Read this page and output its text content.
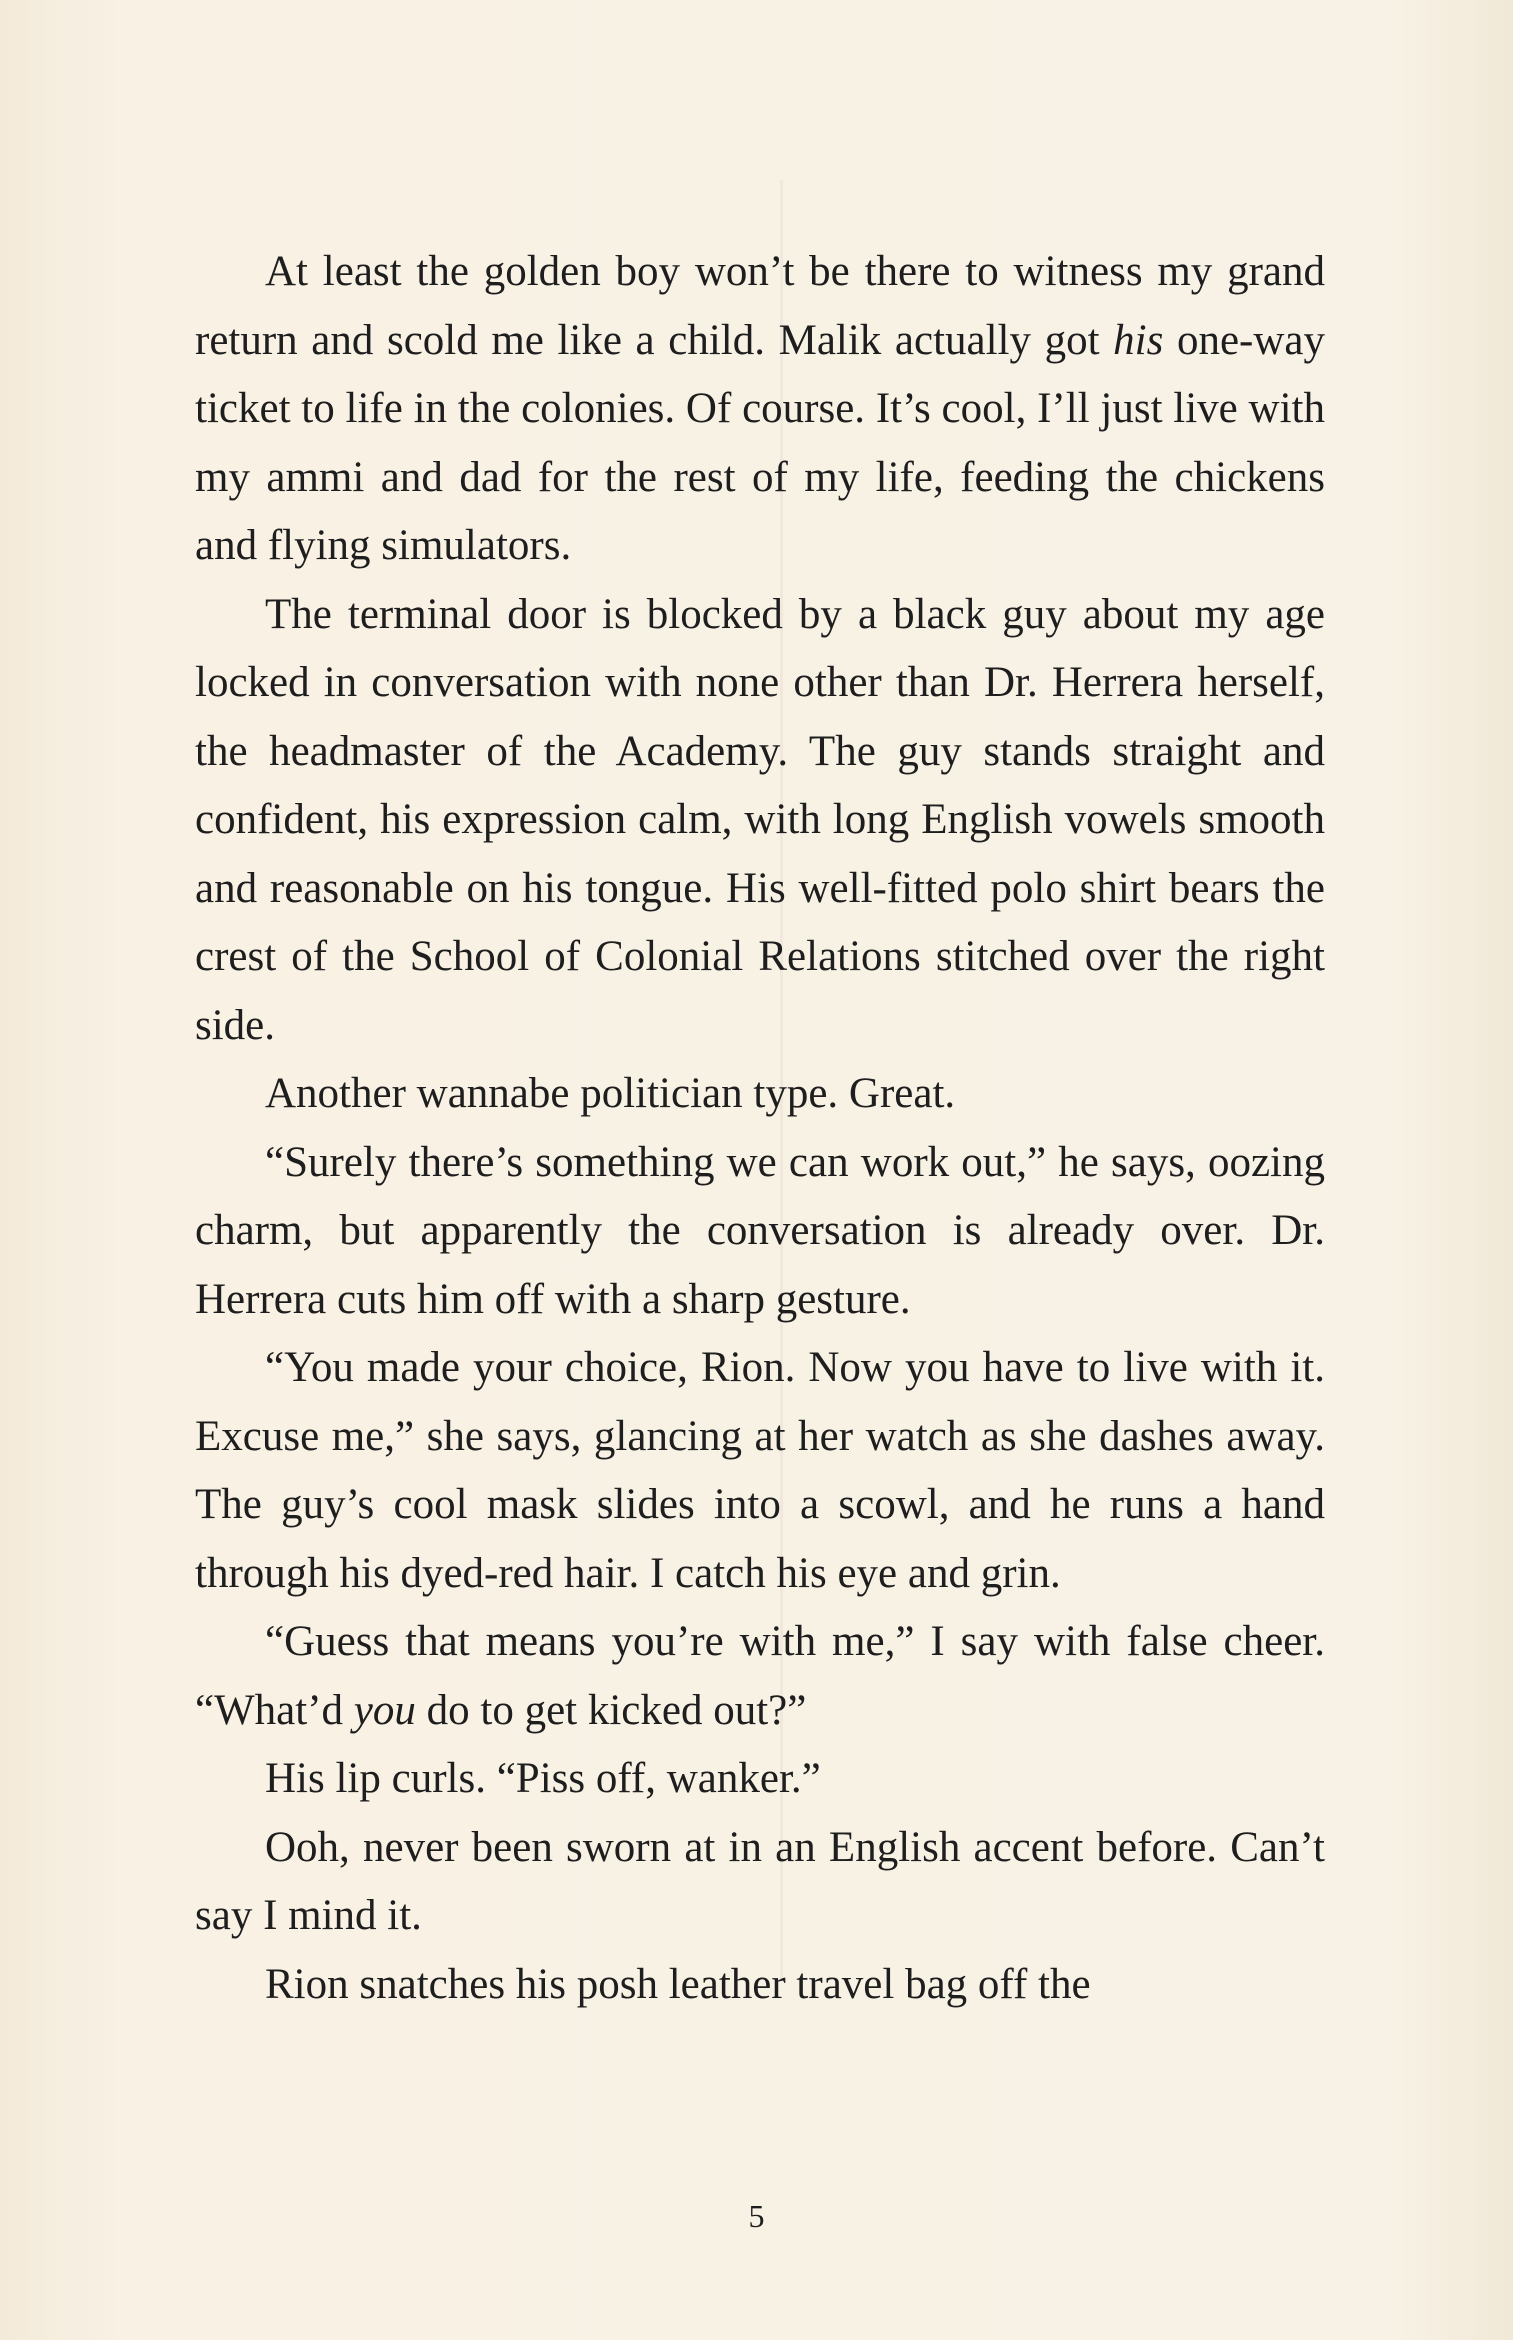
At least the golden boy won’t be there to witness my grand return and scold me like a child. Malik actually got his one-way ticket to life in the colonies. Of course. It’s cool, I’ll just live with my ammi and dad for the rest of my life, feeding the chickens and flying simulators.

The terminal door is blocked by a black guy about my age locked in conversation with none other than Dr. Herrera herself, the headmaster of the Academy. The guy stands straight and confident, his expression calm, with long English vowels smooth and reasonable on his tongue. His well-fitted polo shirt bears the crest of the School of Colonial Relations stitched over the right side.

Another wannabe politician type. Great.

“Surely there’s something we can work out,” he says, oozing charm, but apparently the conversation is already over. Dr. Herrera cuts him off with a sharp gesture.

“You made your choice, Rion. Now you have to live with it. Excuse me,” she says, glancing at her watch as she dashes away. The guy’s cool mask slides into a scowl, and he runs a hand through his dyed-red hair. I catch his eye and grin.

“Guess that means you’re with me,” I say with false cheer. “What’d you do to get kicked out?”

His lip curls. “Piss off, wanker.”

Ooh, never been sworn at in an English accent before. Can’t say I mind it.

Rion snatches his posh leather travel bag off the

5
